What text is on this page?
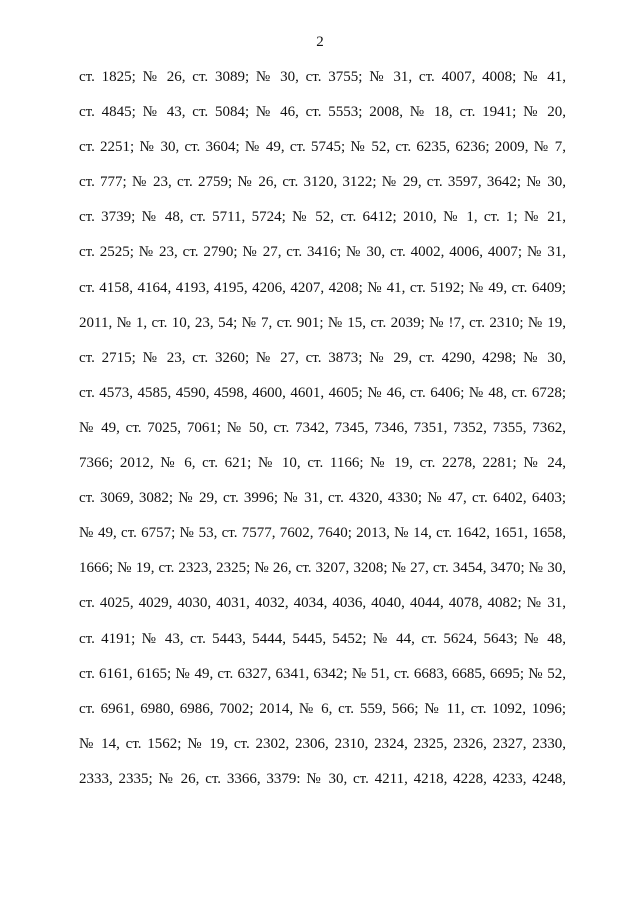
2
ст. 1825; № 26, ст. 3089; № 30, ст. 3755; № 31, ст. 4007, 4008; № 41,
ст. 4845; № 43, ст. 5084; № 46, ст. 5553; 2008, № 18, ст. 1941; № 20,
ст. 2251; № 30, ст. 3604; № 49, ст. 5745; № 52, ст. 6235, 6236; 2009, № 7,
ст. 777; № 23, ст. 2759; № 26, ст. 3120, 3122; № 29, ст. 3597, 3642; № 30,
ст. 3739; № 48, ст. 5711, 5724; № 52, ст. 6412; 2010, № 1, ст. 1; № 21,
ст. 2525; № 23, ст. 2790; № 27, ст. 3416; № 30, ст. 4002, 4006, 4007; № 31,
ст. 4158, 4164, 4193, 4195, 4206, 4207, 4208; № 41, ст. 5192; № 49, ст. 6409;
2011, № 1, ст. 10, 23, 54; № 7, ст. 901; № 15, ст. 2039; № !7, ст. 2310; № 19,
ст. 2715; № 23, ст. 3260; № 27, ст. 3873; № 29, ст. 4290, 4298; № 30,
ст. 4573, 4585, 4590, 4598, 4600, 4601, 4605; № 46, ст. 6406; № 48, ст. 6728;
№ 49, ст. 7025, 7061; № 50, ст. 7342, 7345, 7346, 7351, 7352, 7355, 7362,
7366; 2012, № 6, ст. 621; № 10, ст. 1166; № 19, ст. 2278, 2281; № 24,
ст. 3069, 3082; № 29, ст. 3996; № 31, ст. 4320, 4330; № 47, ст. 6402, 6403;
№ 49, ст. 6757; № 53, ст. 7577, 7602, 7640; 2013, № 14, ст. 1642, 1651, 1658,
1666; № 19, ст. 2323, 2325; № 26, ст. 3207, 3208; № 27, ст. 3454, 3470; № 30,
ст. 4025, 4029, 4030, 4031, 4032, 4034, 4036, 4040, 4044, 4078, 4082; № 31,
ст. 4191; № 43, ст. 5443, 5444, 5445, 5452; № 44, ст. 5624, 5643; № 48,
ст. 6161, 6165; № 49, ст. 6327, 6341, 6342; № 51, ст. 6683, 6685, 6695; № 52,
ст. 6961, 6980, 6986, 7002; 2014, № 6, ст. 559, 566; № 11, ст. 1092, 1096;
№ 14, ст. 1562; № 19, ст. 2302, 2306, 2310, 2324, 2325, 2326, 2327, 2330,
2333, 2335; № 26, ст. 3366, 3379: № 30, ст. 4211, 4218, 4228, 4233, 4248,
